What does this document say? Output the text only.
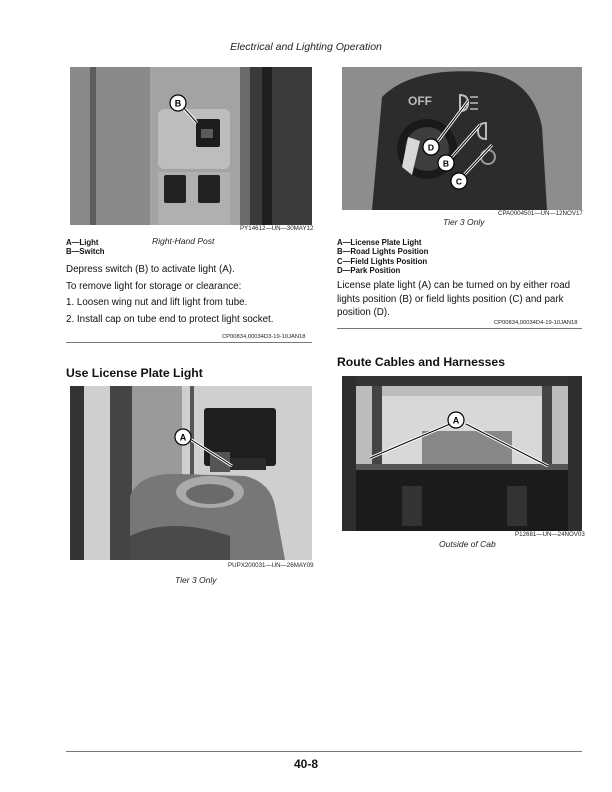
Electrical and Lighting Operation
B
PY14612—UN—30MAY12
Right-Hand Post
A—Light
B—Switch
Depress switch (B) to activate light (A).
To remove light for storage or clearance:
1. Loosen wing nut and lift light from tube.
2. Install cap on tube end to protect light socket.
CP00834,00034D3-19-10JAN18
Use License Plate Light
A
PUPX200031—UN—26MAY09
Tier 3 Only
OFF
D
B
C
CPA0004501—UN—12NOV17
Tier 3 Only
A—License Plate Light
B—Road Lights Position
C—Field Lights Position
D—Park Position
License plate light (A) can be turned on by either road lights position (B) or field lights position (C) and park position (D).
CP00834,00034D4-19-10JAN18
Route Cables and Harnesses
A
P12681—UN—24NOV03
Outside of Cab
40-8
